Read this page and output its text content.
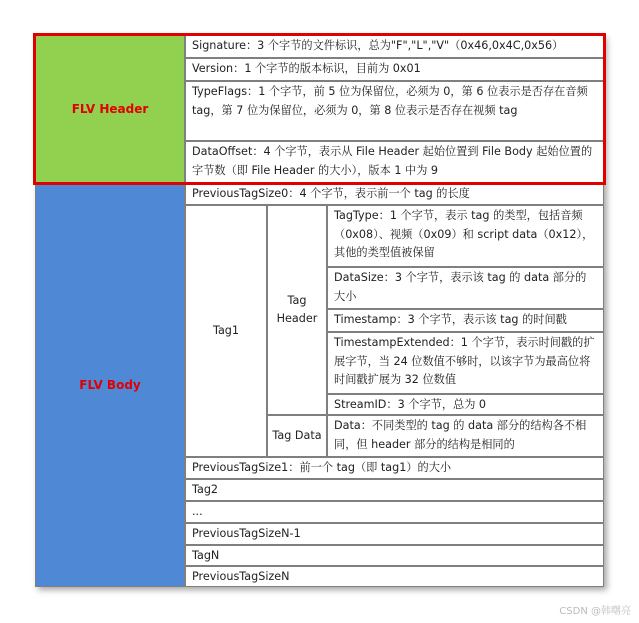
FLV Header
FLV Body
Signature：3 个字节的文件标识，总为"F","L","V"（0x46,0x4C,0x56）
Version：1 个字节的版本标识，目前为 0x01
TypeFlags：1 个字节，前 5 位为保留位，必须为 0，第 6 位表示是否存在音频 tag，第 7 位为保留位，必须为 0，第 8 位表示是否存在视频 tag
DataOffset：4 个字节，表示从 File Header 起始位置到 File Body 起始位置的字节数（即 File Header 的大小），版本 1 中为 9
PreviousTagSize0：4 个字节，表示前一个 tag 的长度
Tag1
Tag Header
TagType：1 个字节，表示 tag 的类型，包括音频（0x08）、视频（0x09）和 script data（0x12），其他的类型值被保留
DataSize：3 个字节，表示该 tag 的 data 部分的大小
Timestamp：3 个字节，表示该 tag 的时间戳
TimestampExtended：1 个字节，表示时间戳的扩展字节，当 24 位数值不够时，以该字节为最高位将时间戳扩展为 32 位数值
StreamID：3 个字节，总为 0
Tag Data
Data：不同类型的 tag 的 data 部分的结构各不相同，但 header 部分的结构是相同的
PreviousTagSize1：前一个 tag（即 tag1）的大小
Tag2
...
PreviousTagSizeN-1
TagN
PreviousTagSizeN
CSDN @韩曙亮
